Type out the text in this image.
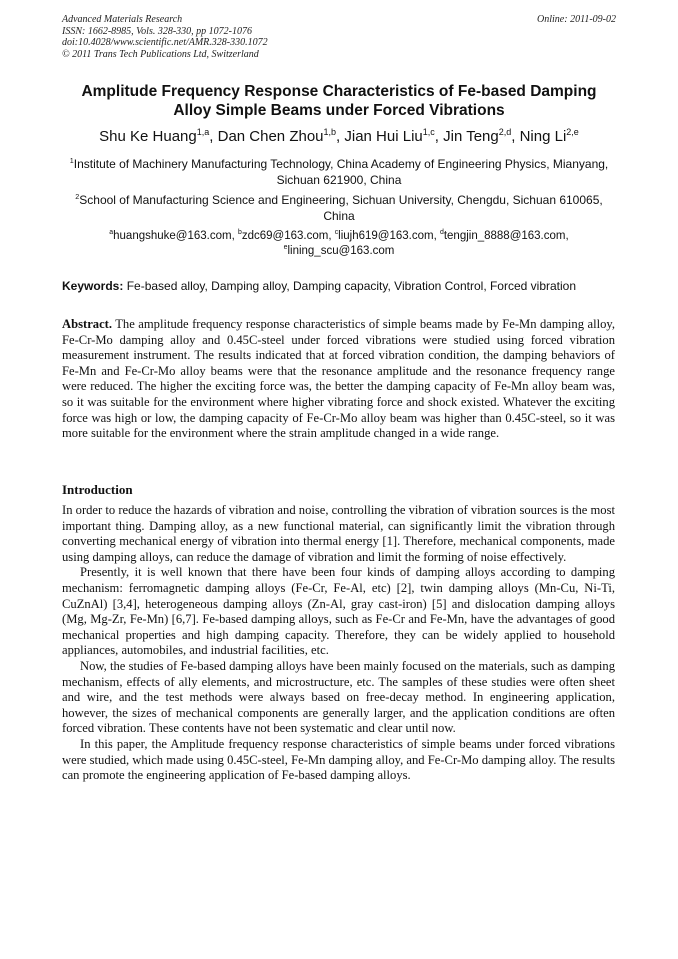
Advanced Materials Research
ISSN: 1662-8985, Vols. 328-330, pp 1072-1076
doi:10.4028/www.scientific.net/AMR.328-330.1072
© 2011 Trans Tech Publications Ltd, Switzerland
Online: 2011-09-02
Amplitude Frequency Response Characteristics of Fe-based Damping Alloy Simple Beams under Forced Vibrations
Shu Ke Huang$^{1,a}$, Dan Chen Zhou$^{1,b}$, Jian Hui Liu$^{1,c}$, Jin Teng$^{2,d}$, Ning Li$^{2,e}$
$^1$Institute of Machinery Manufacturing Technology, China Academy of Engineering Physics, Mianyang, Sichuan 621900, China
$^2$School of Manufacturing Science and Engineering, Sichuan University, Chengdu, Sichuan 610065, China
$^a$huangshuke@163.com, $^b$zdc69@163.com, $^c$liujh619@163.com, $^d$tengjin_8888@163.com, $^e$lining_scu@163.com
Keywords: Fe-based alloy, Damping alloy, Damping capacity, Vibration Control, Forced vibration
Abstract. The amplitude frequency response characteristics of simple beams made by Fe-Mn damping alloy, Fe-Cr-Mo damping alloy and 0.45C-steel under forced vibrations were studied using forced vibration measurement instrument. The results indicated that at forced vibration condition, the damping behaviors of Fe-Mn and Fe-Cr-Mo alloy beams were that the resonance amplitude and the resonance frequency range were reduced. The higher the exciting force was, the better the damping capacity of Fe-Mn alloy beam was, so it was suitable for the environment where higher vibrating force and shock existed. Whatever the exciting force was high or low, the damping capacity of Fe-Cr-Mo alloy beam was higher than 0.45C-steel, so it was more suitable for the environment where the strain amplitude changed in a wide range.
Introduction

In order to reduce the hazards of vibration and noise, controlling the vibration of vibration sources is the most important thing. Damping alloy, as a new functional material, can significantly limit the vibration through converting mechanical energy of vibration into thermal energy [1]. Therefore, mechanical components, made using damping alloys, can reduce the damage of vibration and limit the forming of noise effectively.

Presently, it is well known that there have been four kinds of damping alloys according to damping mechanism: ferromagnetic damping alloys (Fe-Cr, Fe-Al, etc) [2], twin damping alloys (Mn-Cu, Ni-Ti, CuZnAl) [3,4], heterogeneous damping alloys (Zn-Al, gray cast-iron) [5] and dislocation damping alloys (Mg, Mg-Zr, Fe-Mn) [6,7]. Fe-based damping alloys, such as Fe-Cr and Fe-Mn, have the advantages of good mechanical properties and high damping capacity. Therefore, they can be widely applied to household appliances, automobiles, and industrial facilities, etc.

Now, the studies of Fe-based damping alloys have been mainly focused on the materials, such as damping mechanism, effects of ally elements, and microstructure, etc. The samples of these studies were often sheet and wire, and the test methods were always based on free-decay method. In engineering application, however, the sizes of mechanical components are generally larger, and the application conditions are often forced vibration. These contents have not been systematic and clear until now.

In this paper, the Amplitude frequency response characteristics of simple beams under forced vibrations were studied, which made using 0.45C-steel, Fe-Mn damping alloy, and Fe-Cr-Mo damping alloy. The results can promote the engineering application of Fe-based damping alloys.
